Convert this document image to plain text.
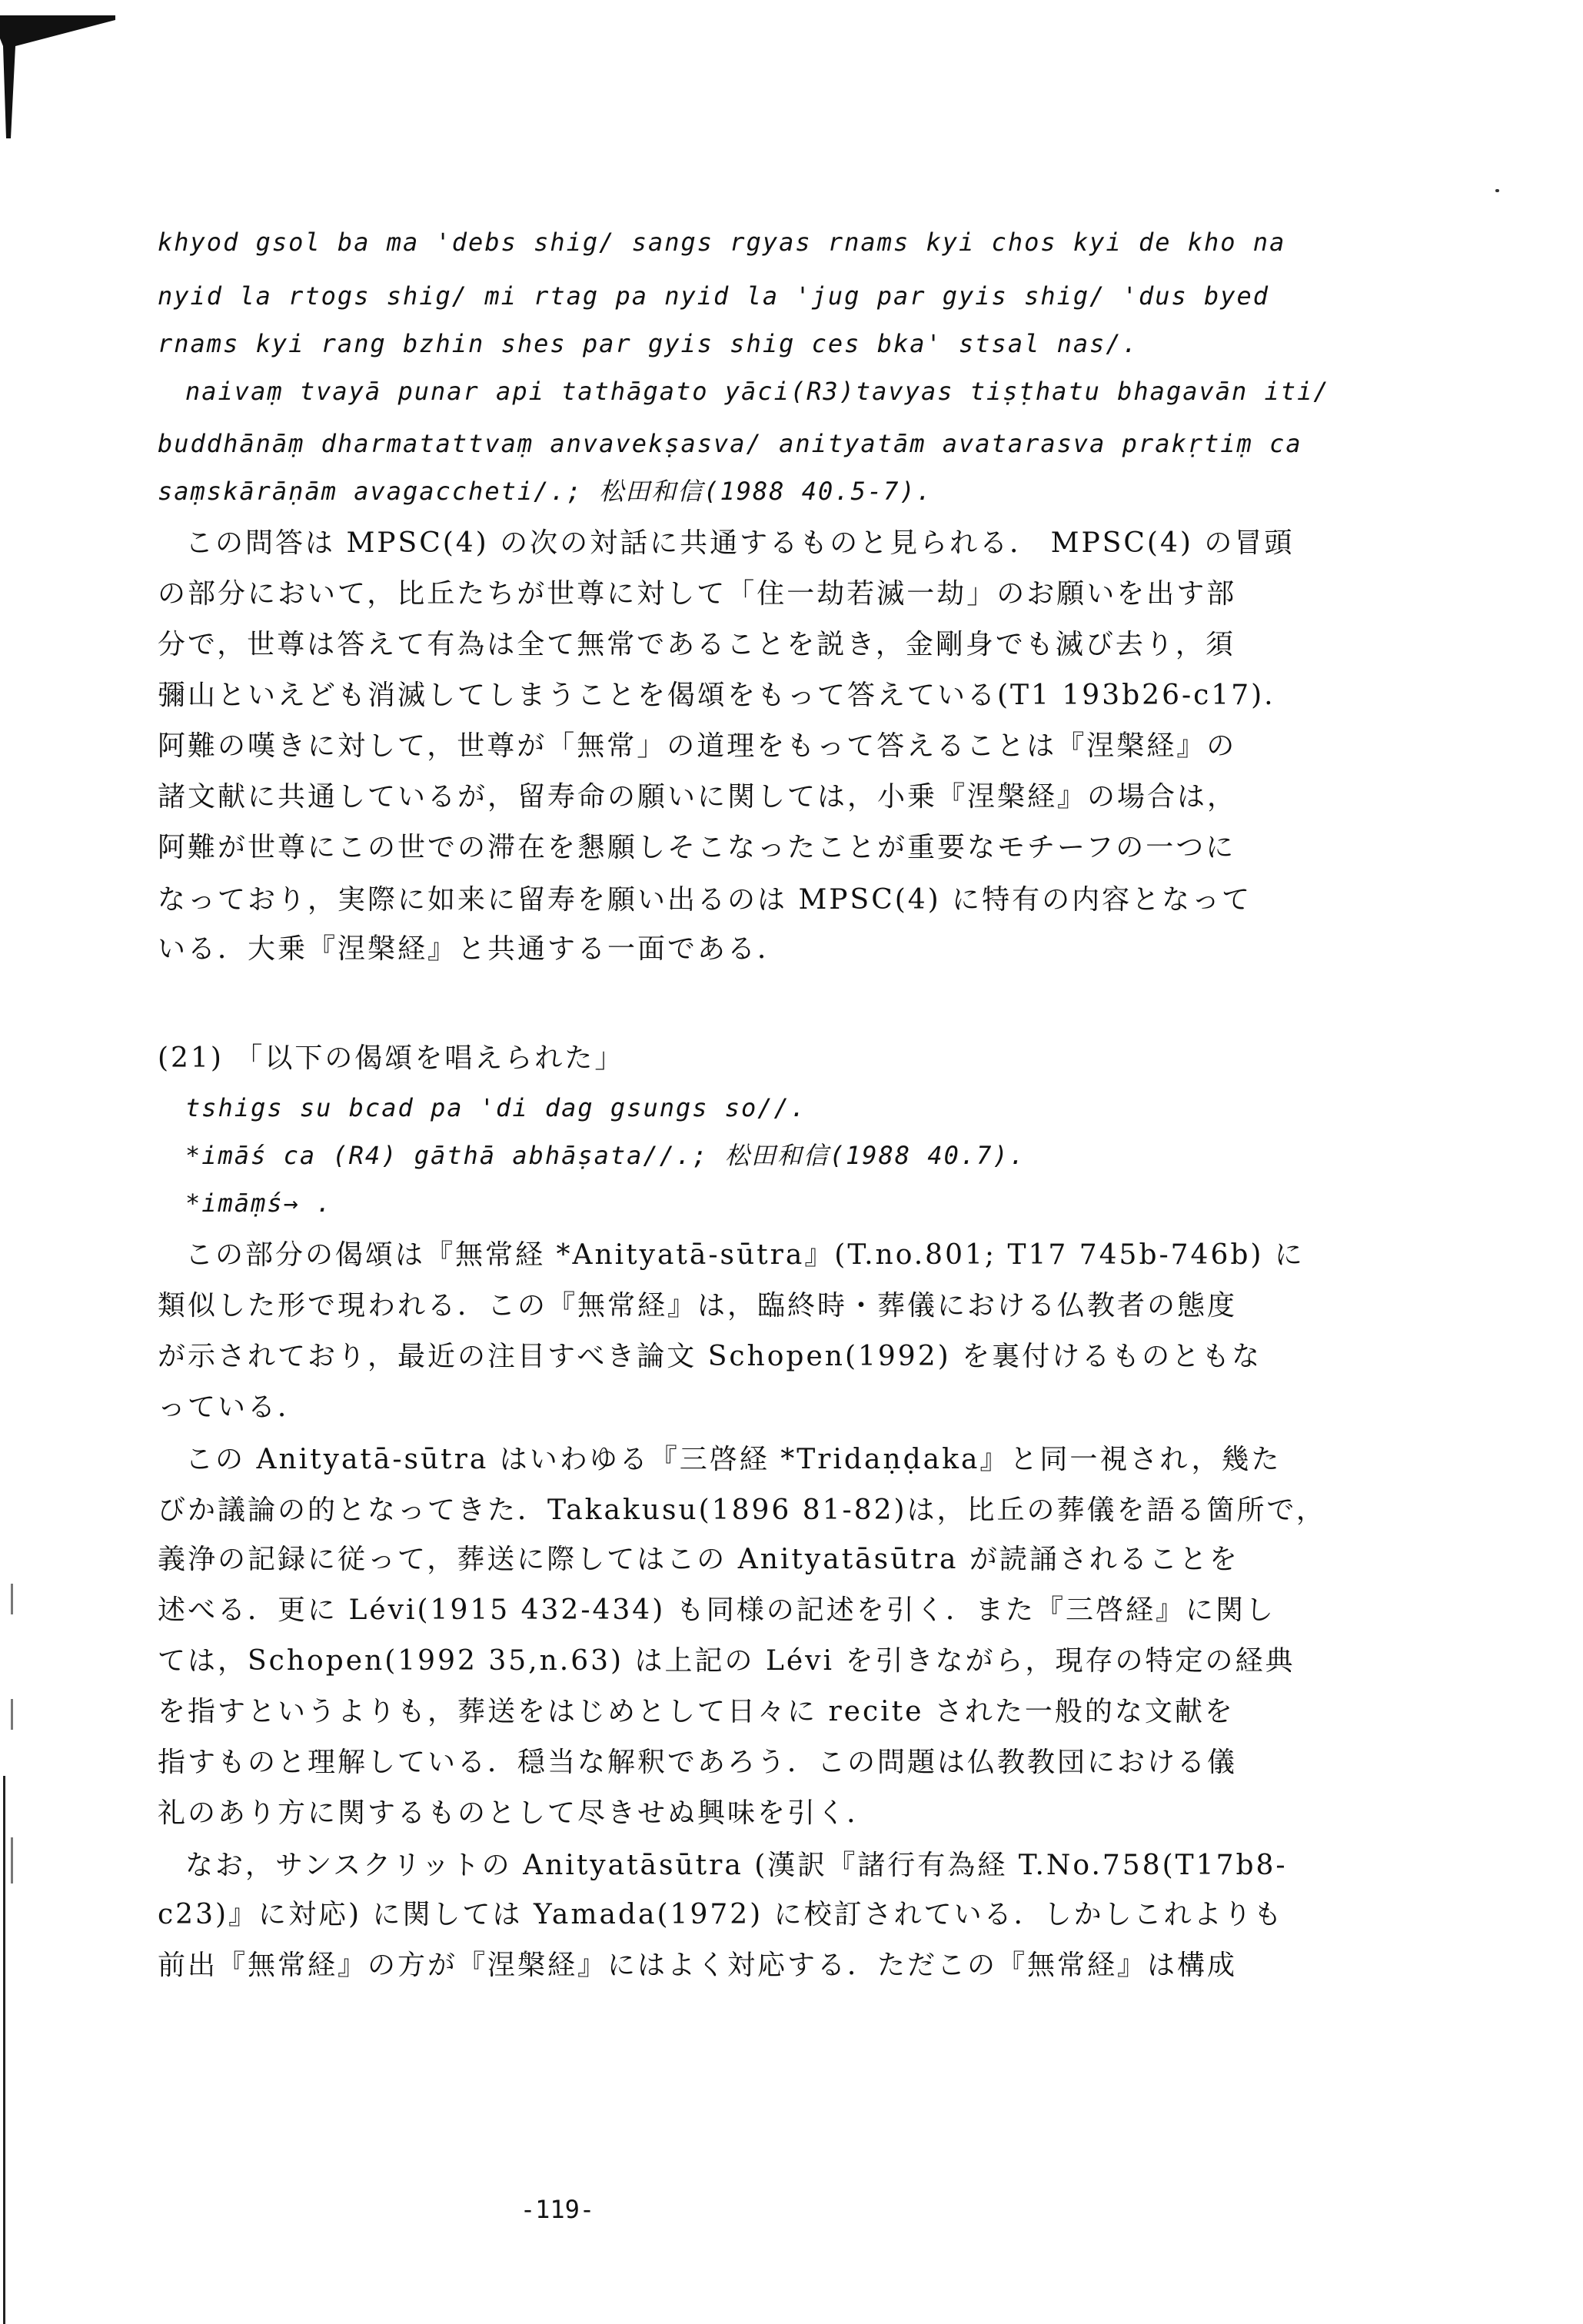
khyod gsol ba ma 'debs shig/ sangs rgyas rnams kyi chos kyi de kho na
nyid la rtogs shig/ mi rtag pa nyid la 'jug par gyis shig/ 'dus byed
rnams kyi rang bzhin shes par gyis shig ces bka' stsal nas/.
naivaṃ tvayā punar api tathāgato yāci(R3)tavyas tiṣṭhatu bhagavān iti/
buddhānāṃ dharmatattvaṃ anvavekṣasva/ anityatām avatarasva prakṛtiṃ ca
saṃskārāṇām avagaccheti/.; 松田和信(1988 40.5-7).
この問答は MPSC(4) の次の対話に共通するものと見られる． MPSC(4) の冒頭
の部分において，比丘たちが世尊に対して「住一劫若滅一劫」のお願いを出す部
分で，世尊は答えて有為は全て無常であることを説き，金剛身でも滅び去り，須
彌山といえども消滅してしまうことを偈頌をもって答えている(T1 193b26-c17).
阿難の嘆きに対して，世尊が「無常」の道理をもって答えることは『涅槃経』の
諸文献に共通しているが，留寿命の願いに関しては，小乗『涅槃経』の場合は，
阿難が世尊にこの世での滞在を懇願しそこなったことが重要なモチーフの一つに
なっており，実際に如来に留寿を願い出るのは MPSC(4) に特有の内容となって
いる．大乗『涅槃経』と共通する一面である．
(21) 「以下の偈頌を唱えられた」
tshigs su bcad pa 'di dag gsungs so//.
*imāś ca (R4) gāthā abhāṣata//.; 松田和信(1988 40.7).
*imāṃś→ .
この部分の偈頌は『無常経 *Anityatā-sūtra』(T.no.801; T17 745b-746b) に
類似した形で現われる．この『無常経』は，臨終時・葬儀における仏教者の態度
が示されており，最近の注目すべき論文 Schopen(1992) を裏付けるものともな
っている．
この Anityatā-sūtra はいわゆる『三啓経 *Tridaṇḍaka』と同一視され，幾た
びか議論の的となってきた．Takakusu(1896 81-82)は，比丘の葬儀を語る箇所で，
義浄の記録に従って，葬送に際してはこの Anityatāsūtra が読誦されることを
述べる．更に Lévi(1915 432-434) も同様の記述を引く．また『三啓経』に関し
ては，Schopen(1992 35,n.63) は上記の Lévi を引きながら，現存の特定の経典
を指すというよりも，葬送をはじめとして日々に recite された一般的な文献を
指すものと理解している．穏当な解釈であろう．この問題は仏教教団における儀
礼のあり方に関するものとして尽きせぬ興味を引く．
なお，サンスクリットの Anityatāsūtra (漢訳『諸行有為経 T.No.758(T17b8-
c23)』に対応) に関しては Yamada(1972) に校訂されている．しかしこれよりも
前出『無常経』の方が『涅槃経』にはよく対応する．ただこの『無常経』は構成
-119-
